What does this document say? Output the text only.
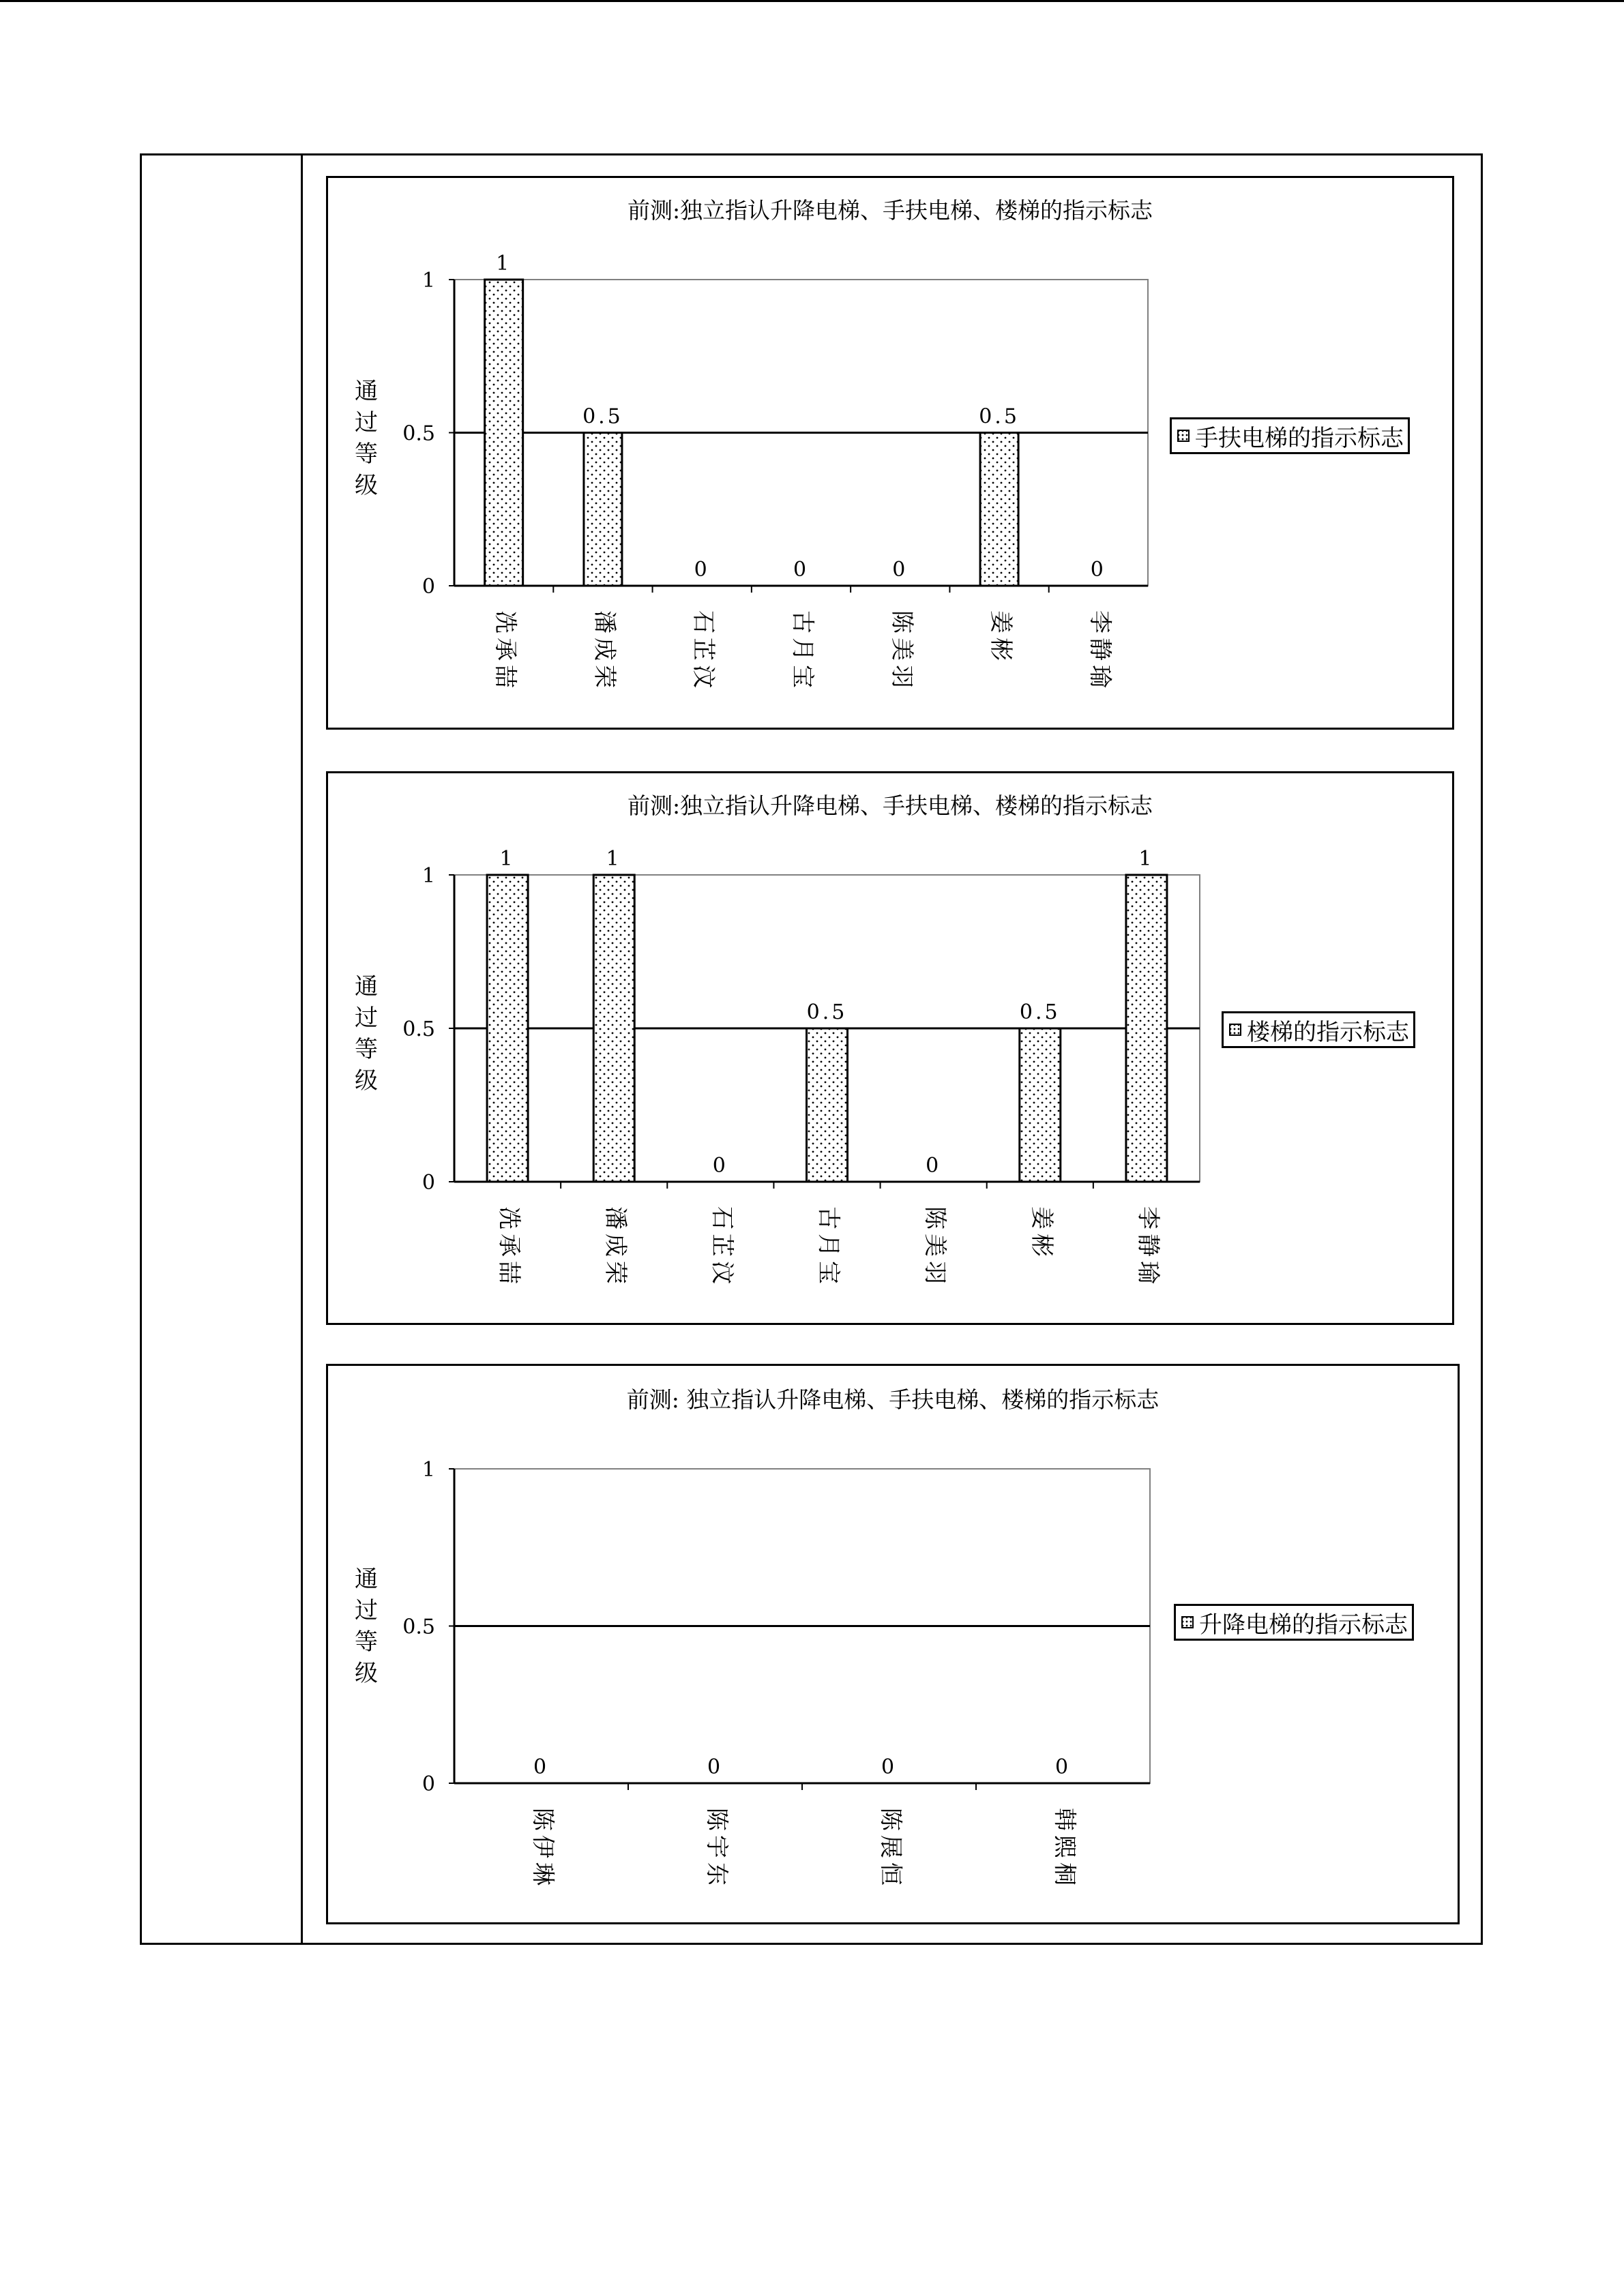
前测:独立指认升降电梯、手扶电梯、楼梯的指示标志
1
0.5
0
1
0.5
0	0	0
0.5
0
冼承喆	潘成荣	石芷汶	古月宝	陈美羽	姜彬	李静瑜
通
过
等
级
手扶电梯的指示标志
前测:独立指认升降电梯、手扶电梯、楼梯的指示标志
1
0.5
0
1	1
0
0.5
0
0.5
1
冼承喆	潘成荣	石芷汶	古月宝	陈美羽	姜彬	李静瑜
通
过
等
级
楼梯的指示标志
前测: 独立指认升降电梯、手扶电梯、楼梯的指示标志
1
0.5
0
0	0	0	0
陈伊琳	陈宇东	陈展恒	韩熙桐
通
过
等
级
升降电梯的指示标志
